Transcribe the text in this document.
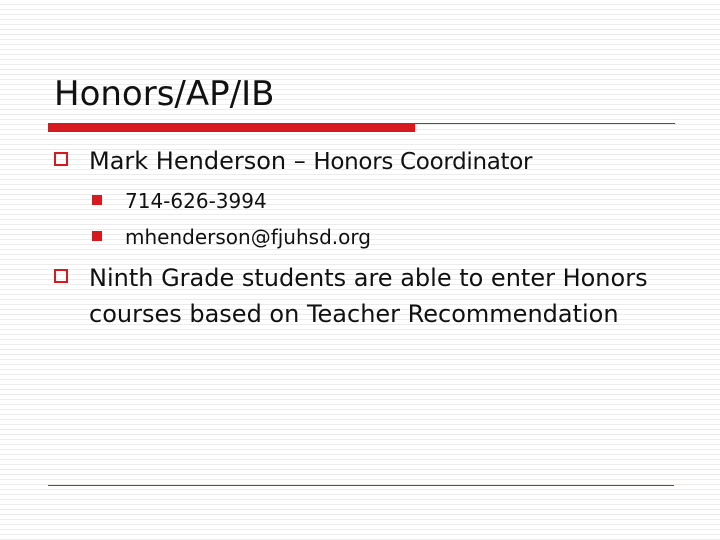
Honors/AP/IB
Mark Henderson – Honors Coordinator
714-626-3994
mhenderson@fjuhsd.org
Ninth Grade students are able to enter Honors courses based on Teacher Recommendation
